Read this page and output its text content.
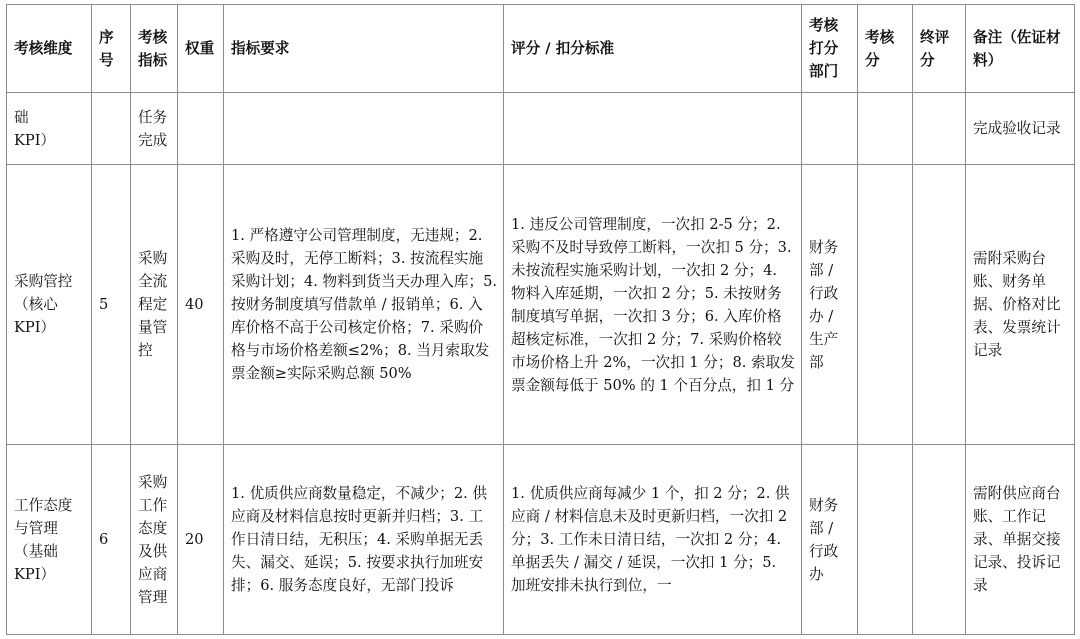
考核维度	序号	考核指标	权重	指标要求	评分 / 扣分标准	考核打分部门	考核分	终评分	备注（佐证材料）
础
KPI）		任务完成							完成验收记录
采购管控（核心
KPI）	5	采购全流程定量管控	40	1. 严格遵守公司管理制度，无违规；2. 采购及时，无停工断料；3. 按流程实施采购计划；4. 物料到货当天办理入库；5. 按财务制度填写借款单 / 报销单；6. 入库价格不高于公司核定价格；7. 采购价格与市场价格差额≤2%；8. 当月索取发票金额≥实际采购总额 50%	1. 违反公司管理制度，一次扣 2-5 分；2. 采购不及时导致停工断料，一次扣 5 分；3. 未按流程实施采购计划，一次扣 2 分；4. 物料入库延期，一次扣 2 分；5. 未按财务制度填写单据，一次扣 3 分；6. 入库价格超核定标准，一次扣 2 分；7. 采购价格较市场价格上升 2%，一次扣 1 分；8. 索取发票金额每低于 50% 的 1 个百分点，扣 1 分	财务部 / 行政办 / 生产部			需附采购台账、财务单据、价格对比表、发票统计记录
工作态度与管理（基础
KPI）	6	采购工作态度及供应商管理	20	1. 优质供应商数量稳定，不减少；2. 供应商及材料信息按时更新并归档；3. 工作日清日结，无积压；4. 采购单据无丢失、漏交、延误；5. 按要求执行加班安排；6. 服务态度良好，无部门投诉	1. 优质供应商每减少 1 个，扣 2 分；2. 供应商 / 材料信息未及时更新归档，一次扣 2 分；3. 工作未日清日结，一次扣 2 分；4. 单据丢失 / 漏交 / 延误，一次扣 1 分；5. 加班安排未执行到位，一	财务部 / 行政办			需附供应商台账、工作记录、单据交接记录、投诉记录
